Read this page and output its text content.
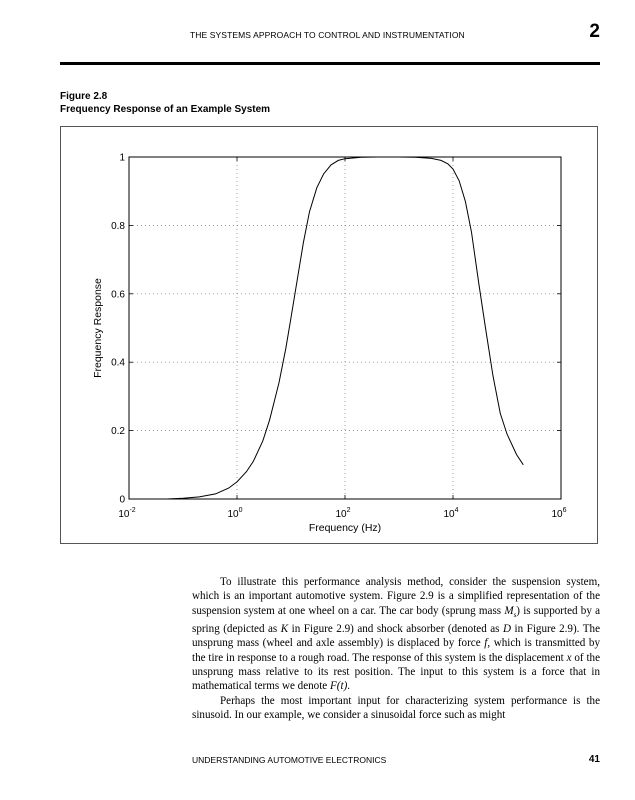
THE SYSTEMS APPROACH TO CONTROL AND INSTRUMENTATION	2
Figure 2.8
Frequency Response of an Example System
$10^{-2}$	$10^0$	$10^2$	$10^4$	$10^6$
0
0.2
0.4
0.6
0.8
1
Frequency (Hz)
Frequency Response

To illustrate this performance analysis method, consider the suspension system, which is an important automotive system. Figure 2.9 is a simplified representation of the suspension system at one wheel on a car. The car body (sprung mass $M_s$) is supported by a spring (depicted as K in Figure 2.9) and shock absorber (denoted as D in Figure 2.9). The unsprung mass (wheel and axle assembly) is displaced by force f, which is transmitted by the tire in response to a rough road. The response of this system is the displacement x of the unsprung mass relative to its rest position. The input to this system is a force that in mathematical terms we denote F(t).

Perhaps the most important input for characterizing system performance is the sinusoid. In our example, we consider a sinusoidal force such as might

UNDERSTANDING AUTOMOTIVE ELECTRONICS	41
